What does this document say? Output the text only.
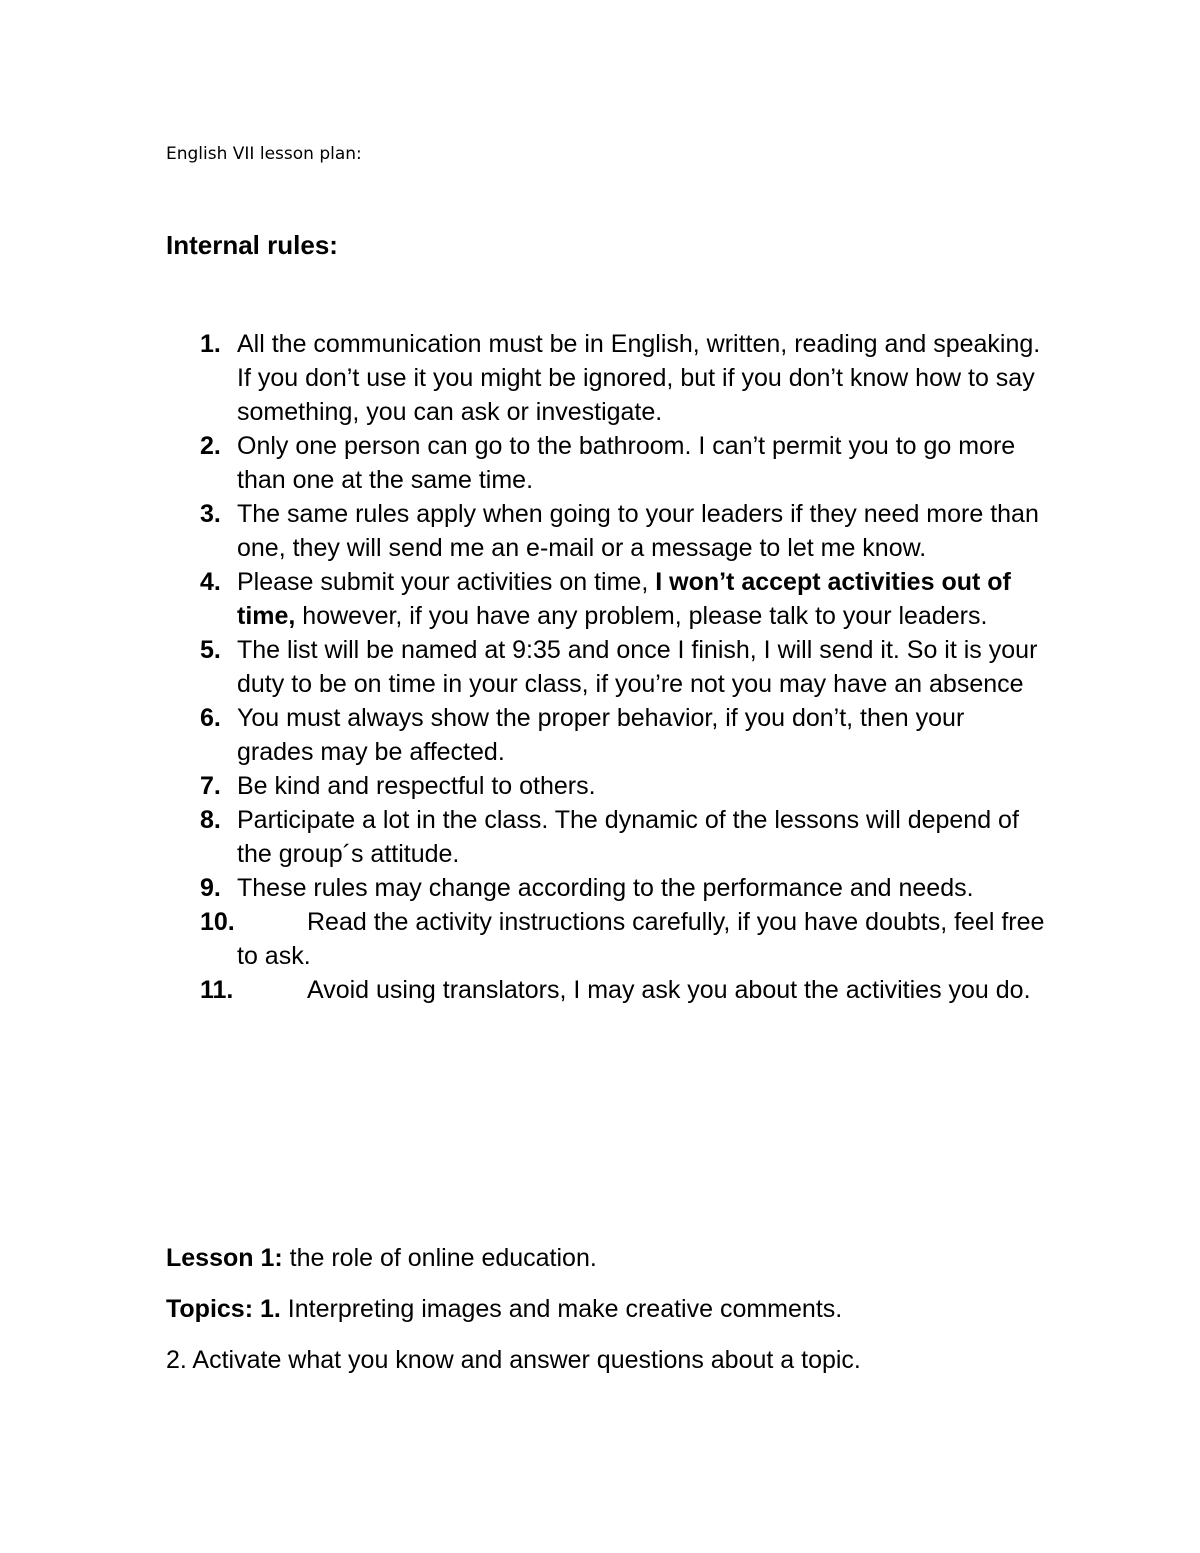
English VII lesson plan:
Internal rules:
1. All the communication must be in English, written, reading and speaking. If you don’t use it you might be ignored, but if you don’t know how to say something, you can ask or investigate.
2. Only one person can go to the bathroom. I can’t permit you to go more than one at the same time.
3. The same rules apply when going to your leaders if they need more than one, they will send me an e-mail or a message to let me know.
4. Please submit your activities on time, I won’t accept activities out of time, however, if you have any problem, please talk to your leaders.
5. The list will be named at 9:35 and once I finish, I will send it. So it is your duty to be on time in your class, if you’re not you may have an absence
6. You must always show the proper behavior, if you don’t, then your grades may be affected.
7. Be kind and respectful to others.
8. Participate a lot in the class. The dynamic of the lessons will depend of the group´s attitude.
9. These rules may change according to the performance and needs.
10.	Read the activity instructions carefully, if you have doubts, feel free to ask.
11.	Avoid using translators, I may ask you about the activities you do.

Lesson 1: the role of online education.

Topics: 1. Interpreting images and make creative comments.

2. Activate what you know and answer questions about a topic.
